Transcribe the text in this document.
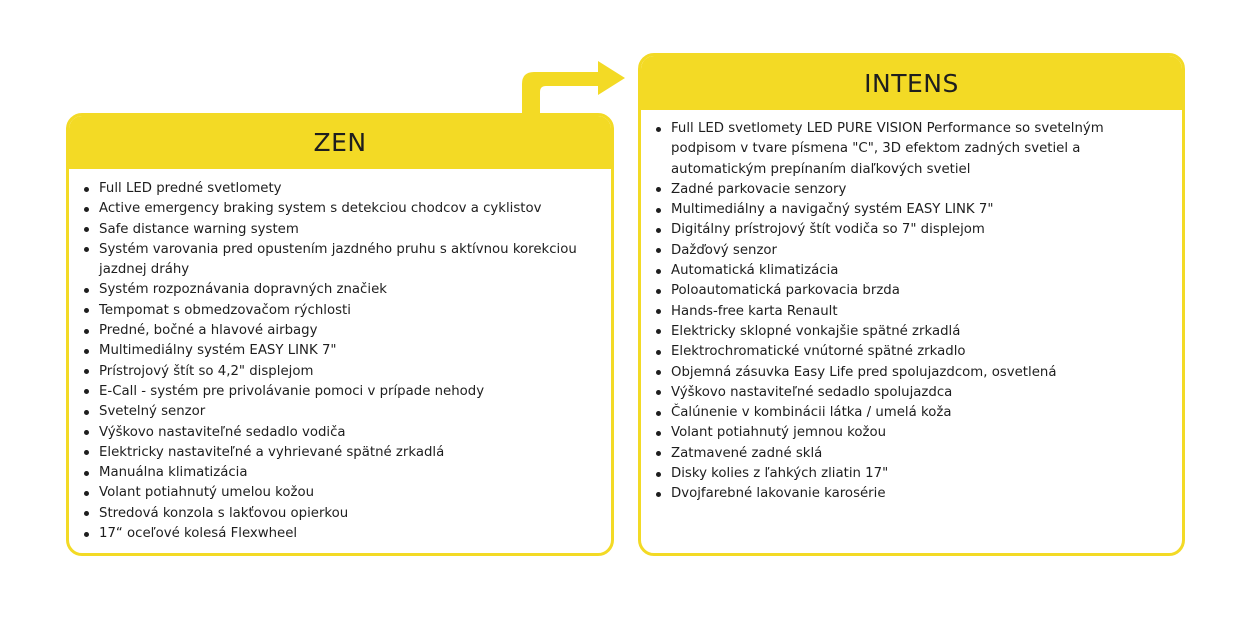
ZEN
Full LED predné svetlomety
Active emergency braking system s detekciou chodcov a cyklistov
Safe distance warning system
Systém varovania pred opustením jazdného pruhu s aktívnou korekciou jazdnej dráhy
Systém rozpoznávania dopravných značiek
Tempomat s obmedzovačom rýchlosti
Predné, bočné a hlavové airbagy
Multimediálny systém EASY LINK 7"
Prístrojový štít so 4,2" displejom
E-Call - systém pre privolávanie pomoci v prípade nehody
Svetelný senzor
Výškovo nastaviteľné sedadlo vodiča
Elektricky nastaviteľné a vyhrievané spätné zrkadlá
Manuálna klimatizácia
Volant potiahnutý umelou kožou
Stredová konzola s lakťovou opierkou
17“ oceľové kolesá Flexwheel
INTENS
Full LED svetlomety LED PURE VISION Performance so svetelným podpisom v tvare písmena "C", 3D efektom zadných svetiel a automatickým prepínaním diaľkových svetiel
Zadné parkovacie senzory
Multimediálny a navigačný systém EASY LINK 7"
Digitálny prístrojový štít vodiča so 7" displejom
Dažďový senzor
Automatická klimatizácia
Poloautomatická parkovacia brzda
Hands-free karta Renault
Elektricky sklopné vonkajšie spätné zrkadlá
Elektrochromatické vnútorné spätné zrkadlo
Objemná zásuvka Easy Life pred spolujazdcom, osvetlená
Výškovo nastaviteľné sedadlo spolujazdca
Čalúnenie v kombinácii látka / umelá koža
Volant potiahnutý jemnou kožou
Zatmavené zadné sklá
Disky kolies z ľahkých zliatin 17"
Dvojfarebné lakovanie karosérie
